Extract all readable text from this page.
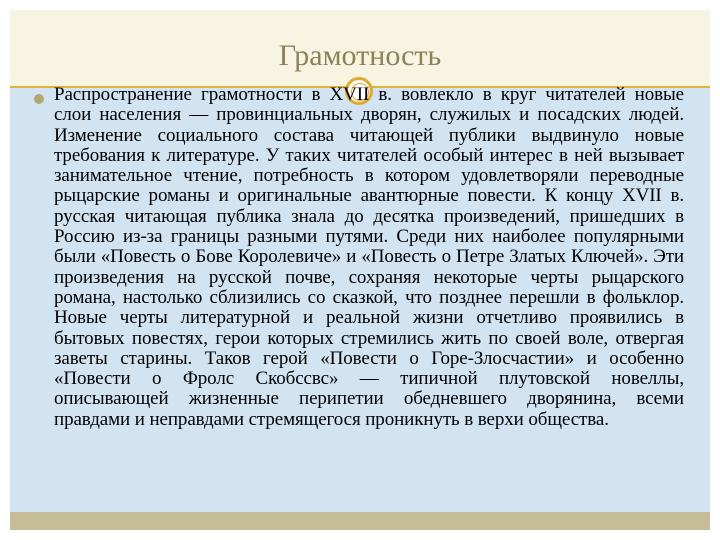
Грамотность
Распространение грамотности в XVII в. вовлекло в круг читателей новые слои населения — провинциальных дворян, служилых и посадских людей. Изменение социального состава читающей публики выдвинуло новые требования к литературе. У таких читателей особый интерес в ней вызывает занимательное чтение, потребность в котором удовлетворяли переводные рыцарские романы и оригинальные авантюрные повести. К концу XVII в. русская читающая публика знала до десятка произведений, пришедших в Россию из-за границы разными путями. Среди них наиболее популярными были «Повесть о Бове Королевиче» и «Повесть о Петре Златых Ключей». Эти произведения на русской почве, сохраняя некоторые черты рыцарского романа, настолько сблизились со сказкой, что позднее перешли в фольклор. Новые черты литературной и реальной жизни отчетливо проявились в бытовых повестях, герои которых стремились жить по своей воле, отвергая заветы старины. Таков герой «Повести о Горе-Злосчастии» и особенно «Повести о Фролс Скобссвс» — типичной плутовской новеллы, описывающей жизненные перипетии обедневшего дворянина, всеми правдами и неправдами стремящегося проникнуть в верхи общества.
